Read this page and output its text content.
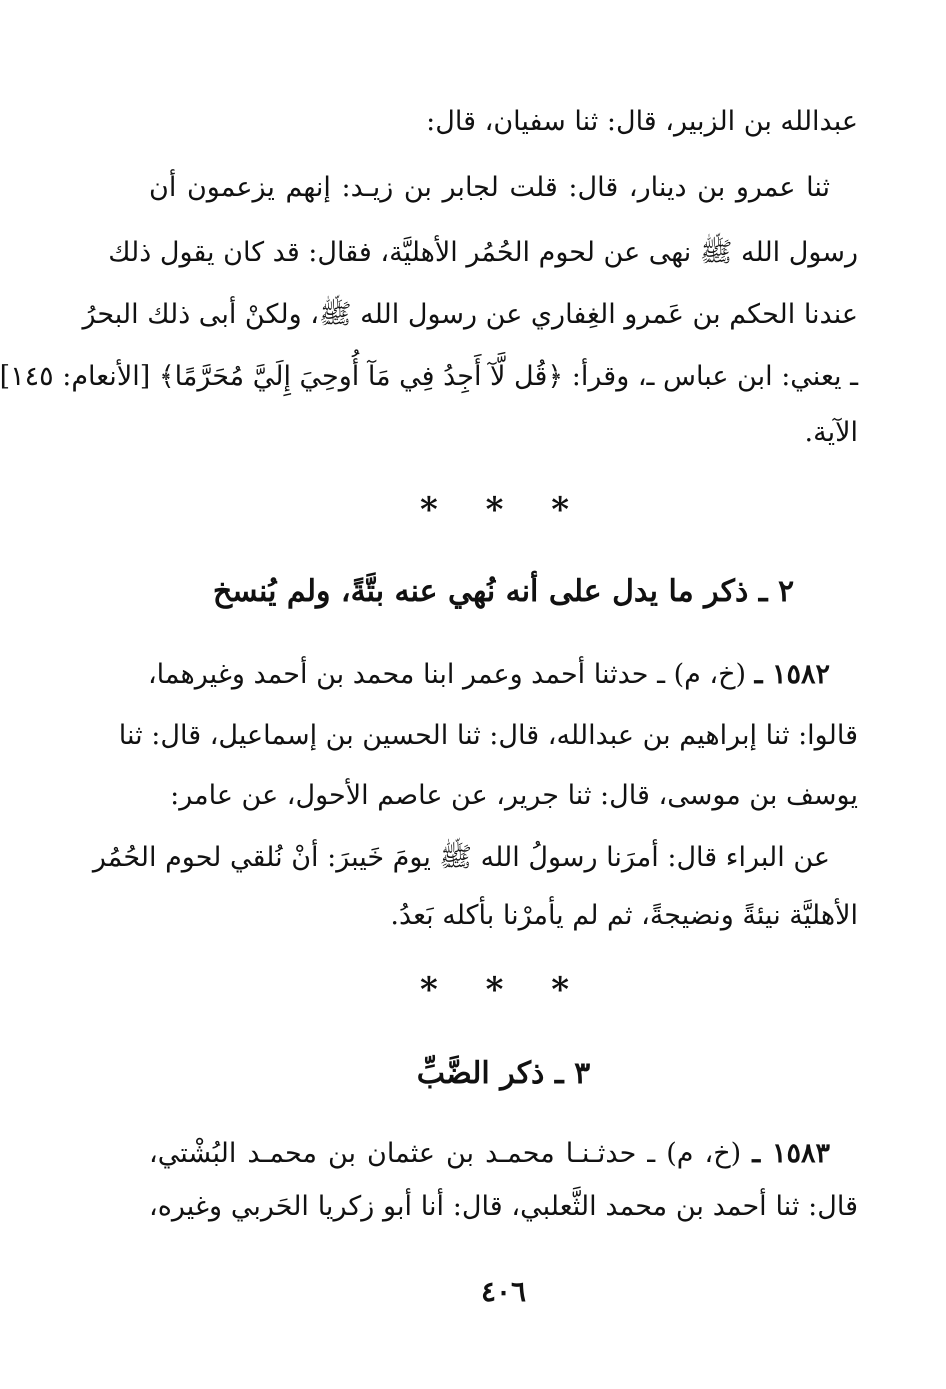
عبدالله بن الزبير، قال: ثنا سفيان، قال:
ثنا عمرو بن دينار، قال: قلت لجابر بن زيـد: إنهم يزعمون أن
رسول الله ﷺ نهى عن لحوم الحُمُر الأهليَّة، فقال: قد كان يقول ذلك
عندنا الحكم بن عَمرو الغِفاري عن رسول الله ﷺ، ولكنْ أبى ذلك البحرُ
ـ يعني: ابن عباس ـ، وقرأ: ﴿قُل لَّآ أَجِدُ فِي مَآ أُوحِيَ إِلَيَّ مُحَرَّمًا﴾ [الأنعام: ١٤٥]
الآية.
* * *
٢ ـ ذكر ما يدل على أنه نُهي عنه بتَّةً، ولم يُنسخ
١٥٨٢ ـ (خ، م) ـ حدثنا أحمد وعمر ابنا محمد بن أحمد وغيرهما،
قالوا: ثنا إبراهيم بن عبدالله، قال: ثنا الحسين بن إسماعيل، قال: ثنا
يوسف بن موسى، قال: ثنا جرير، عن عاصم الأحول، عن عامر:
عن البراء قال: أمرَنا رسولُ الله ﷺ يومَ خَيبرَ: أنْ نُلقي لحوم الحُمُر
الأهليَّة نيئةً ونضيجةً، ثم لم يأمرْنا بأكله بَعدُ.
* * *
٣ ـ ذكر الضَّبِّ
١٥٨٣ ـ (خ، م) ـ حدثـنـا محمـد بن عثمان بن محمـد البُشْتي،
قال: ثنا أحمد بن محمد الثَّعلبي، قال: أنا أبو زكريا الحَربي وغيره،
٤٠٦
